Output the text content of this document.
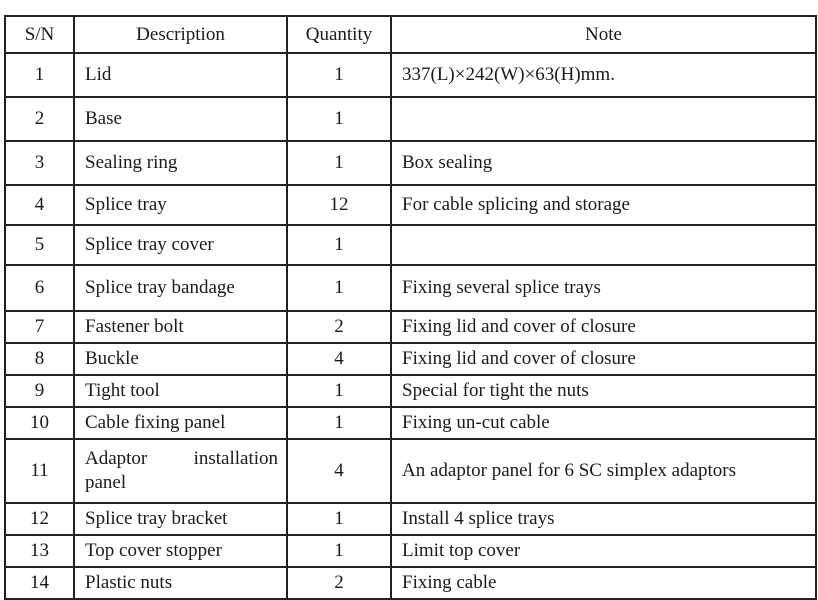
S/N	Description	Quantity	Note
1	Lid	1	337(L)×242(W)×63(H)mm.
2	Base	1	
3	Sealing ring	1	Box sealing
4	Splice tray	12	For cable splicing and storage
5	Splice tray cover	1	
6	Splice tray bandage	1	Fixing several splice trays
7	Fastener bolt	2	Fixing lid and cover of closure
8	Buckle	4	Fixing lid and cover of closure
9	Tight tool	1	Special for tight the nuts
10	Cable fixing panel	1	Fixing un-cut cable
11	Adaptor installation
panel	4	An adaptor panel for 6 SC simplex adaptors
12	Splice tray bracket	1	Install 4 splice trays
13	Top cover stopper	1	Limit top cover
14	Plastic nuts	2	Fixing cable
